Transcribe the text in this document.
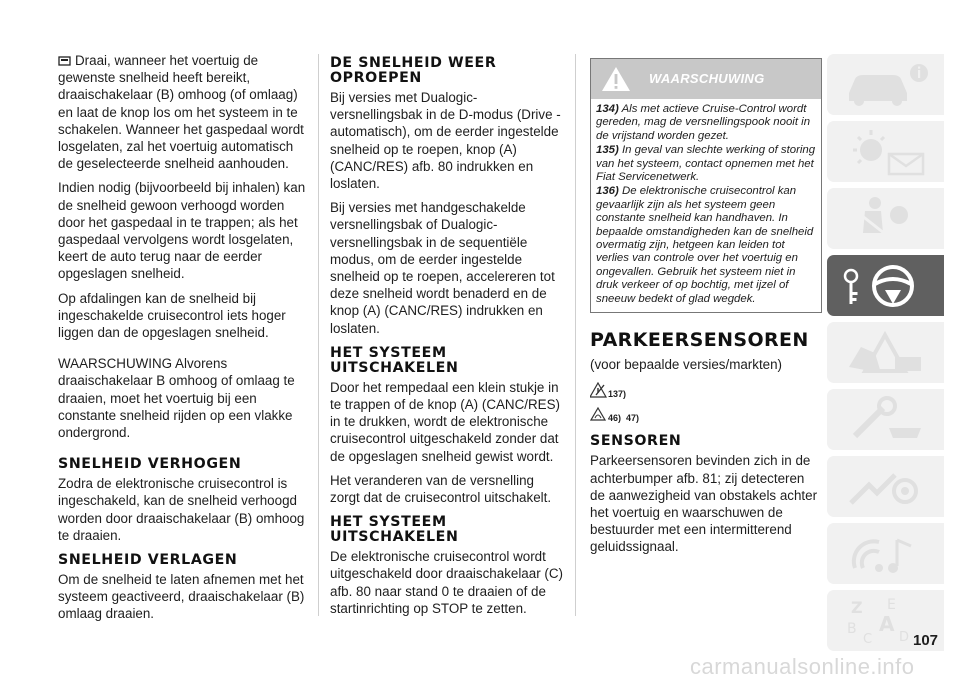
Draai, wanneer het voertuig de gewenste snelheid heeft bereikt, draaischakelaar (B) omhoog (of omlaag) en laat de knop los om het systeem in te schakelen. Wanneer het gaspedaal wordt losgelaten, zal het voertuig automatisch de geselecteerde snelheid aanhouden.

Indien nodig (bijvoorbeeld bij inhalen) kan de snelheid gewoon verhoogd worden door het gaspedaal in te trappen; als het gaspedaal vervolgens wordt losgelaten, keert de auto terug naar de eerder opgeslagen snelheid.

Op afdalingen kan de snelheid bij ingeschakelde cruisecontrol iets hoger liggen dan de opgeslagen snelheid.

WAARSCHUWING Alvorens draaischakelaar B omhoog of omlaag te draaien, moet het voertuig bij een constante snelheid rijden op een vlakke ondergrond.

SNELHEID VERHOGEN

Zodra de elektronische cruisecontrol is ingeschakeld, kan de snelheid verhoogd worden door draaischakelaar (B) omhoog te draaien.

SNELHEID VERLAGEN

Om de snelheid te laten afnemen met het systeem geactiveerd, draaischakelaar (B) omlaag draaien.

DE SNELHEID WEER OPROEPEN

Bij versies met Dualogic-versnellingsbak in de D-modus (Drive - automatisch), om de eerder ingestelde snelheid op te roepen, knop (A) (CANC/RES) afb. 80 indrukken en loslaten.

Bij versies met handgeschakelde versnellingsbak of Dualogic-versnellingsbak in de sequentiële modus, om de eerder ingestelde snelheid op te roepen, accelereren tot deze snelheid wordt benaderd en de knop (A) (CANC/RES) indrukken en loslaten.

HET SYSTEEM UITSCHAKELEN

Door het rempedaal een klein stukje in te trappen of de knop (A) (CANC/RES) in te drukken, wordt de elektronische cruisecontrol uitgeschakeld zonder dat de opgeslagen snelheid gewist wordt.

Het veranderen van de versnelling zorgt dat de cruisecontrol uitschakelt.

HET SYSTEEM UITSCHAKELEN

De elektronische cruisecontrol wordt uitgeschakeld door draaischakelaar (C) afb. 80 naar stand 0 te draaien of de startinrichting op STOP te zetten.

WAARSCHUWING

134) Als met actieve Cruise-Control wordt gereden, mag de versnellingspook nooit in de vrijstand worden gezet.

135) In geval van slechte werking of storing van het systeem, contact opnemen met het Fiat Servicenetwerk.

136) De elektronische cruisecontrol kan gevaarlijk zijn als het systeem geen constante snelheid kan handhaven. In bepaalde omstandigheden kan de snelheid overmatig zijn, hetgeen kan leiden tot verlies van controle over het voertuig en ongevallen. Gebruik het systeem niet in druk verkeer of op bochtig, met ijzel of sneeuw bedekt of glad wegdek.

PARKEERSENSOREN

(voor bepaalde versies/markten)

137)
46) 47)
SENSOREN

Parkeersensoren bevinden zich in de achterbumper afb. 81; zij detecteren de aanwezigheid van obstakels achter het voertuig en waarschuwen de bestuurder met een intermitterend geluidssignaal.

Z E
B A
C D 107
carmanualsonline.info
